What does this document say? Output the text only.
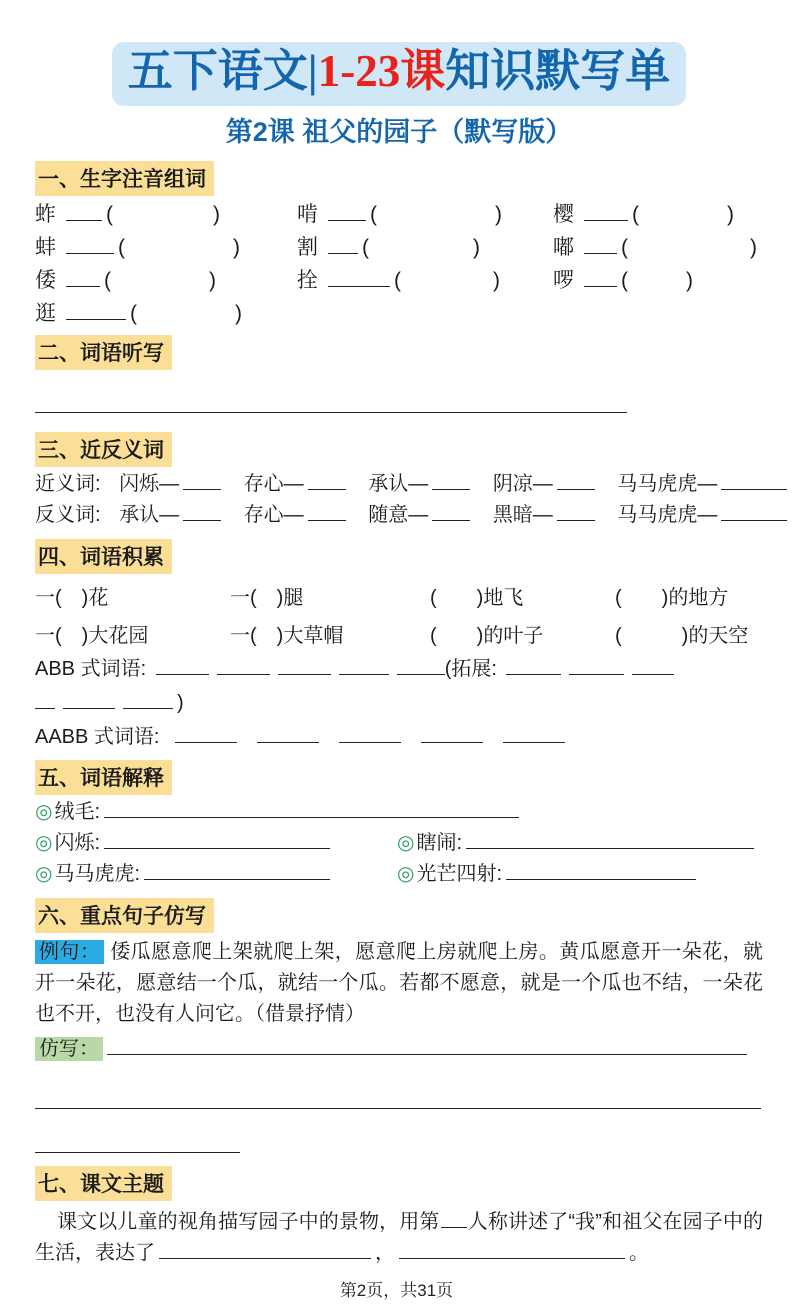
五下语文|1-23课知识默写单
第2课 祖父的园子（默写版）
一、生字注音组词
蚱 (	)	啃 (	)	樱	(	)
蚌	(	)	割 (	)	嘟 (	)
倭 (	)	拴	(	)	啰 (	)
逛	(	)
二、词语听写
三、近反义词
近义词: 闪烁—	存心—	承认—	阴凉—	马马虎虎—
反义词: 承认—	存心—	随意—	黑暗—	马马虎虎—
四、词语积累
一(　)花	一(　)腿	(　　)地飞	(　　)的地方
一(　)大花园	一(　)大草帽	(　　)的叶子	(　　　)的天空
ABB 式词语:	(拓展:
)
AABB 式词语:
五、词语解释
◎ 绒毛:
◎ 闪烁:	◎ 瞎闹:
◎ 马马虎虎:	◎ 光芒四射:
六、重点句子仿写

例句： 倭瓜愿意爬上架就爬上架，愿意爬上房就爬上房。黄瓜愿意开一朵花，就开一朵花，愿意结一个瓜，就结一个瓜。若都不愿意，就是一个瓜也不结，一朵花也不开，也没有人问它。（借景抒情）

仿写：
七、课文主题

课文以儿童的视角描写园子中的景物，用第 人称讲述了“我”和祖父在园子中的生活，表达了	，	。

第2页，共31页
